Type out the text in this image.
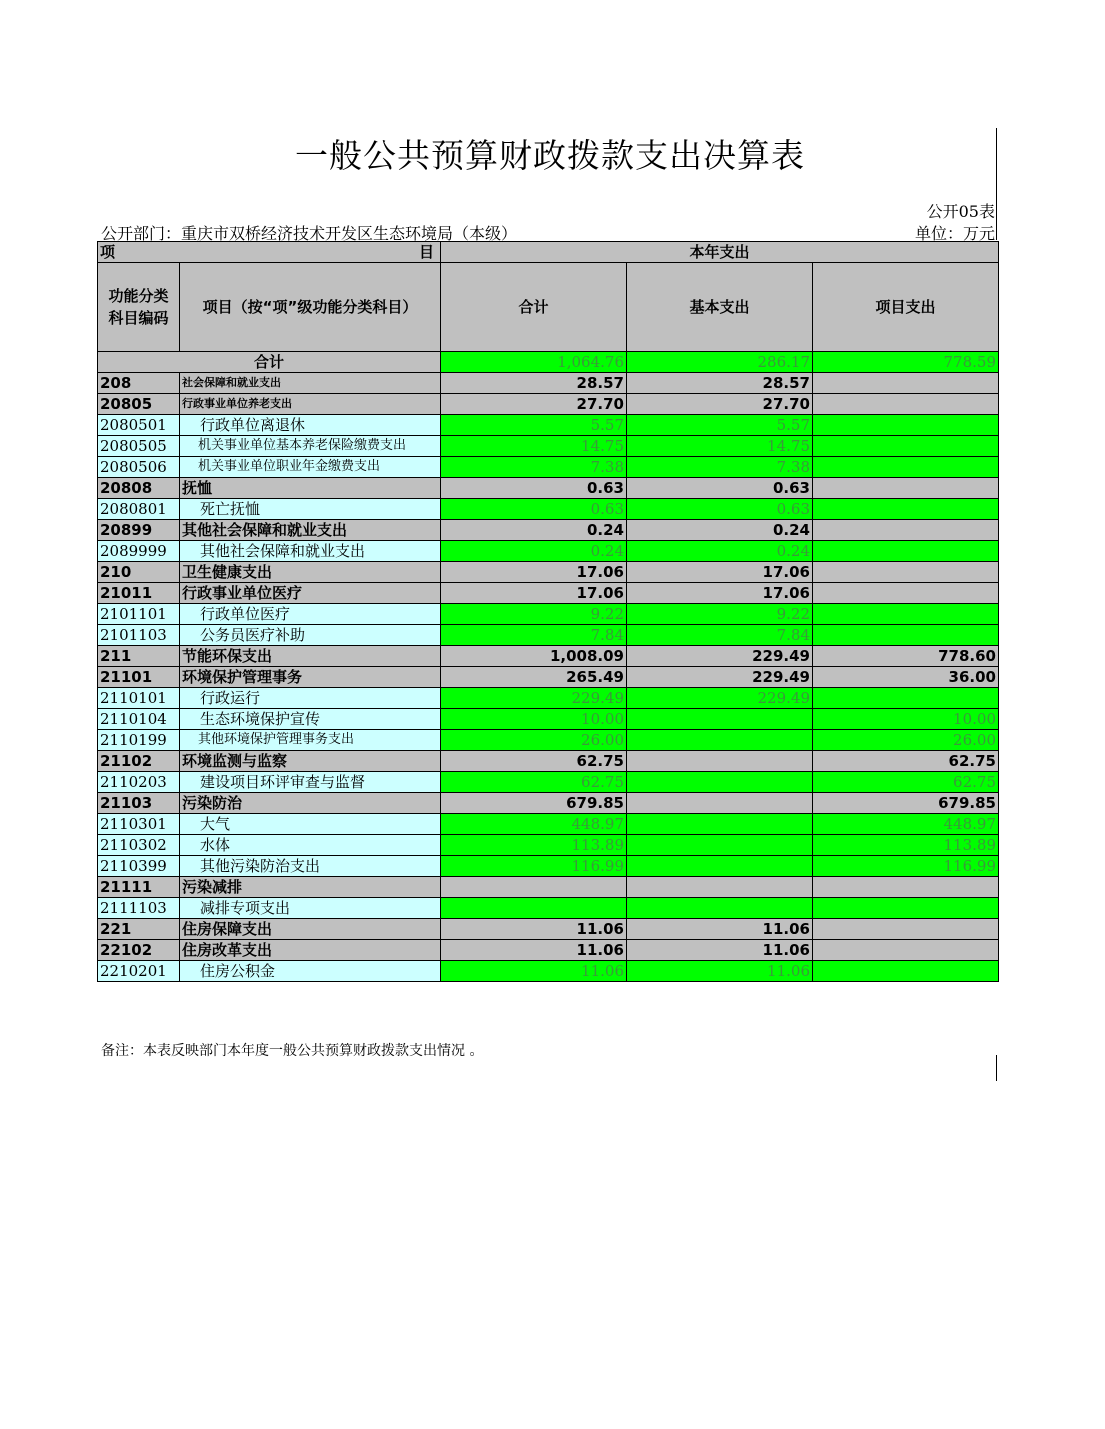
一般公共预算财政拨款支出决算表
公开05表
公开部门：重庆市双桥经济技术开发区生态环境局（本级）	单位：万元
项 目		本年支出		
功能分类科目编码	项目（按“项”级功能分类科目）	合计	基本支出	项目支出
合计		1,064.76	286.17	778.59
208	社会保障和就业支出	28.57	28.57	
20805	行政事业单位养老支出	27.70	27.70	
2080501	行政单位离退休	5.57	5.57	
2080505	机关事业单位基本养老保险缴费支出	14.75	14.75	
2080506	机关事业单位职业年金缴费支出	7.38	7.38	
20808	抚恤	0.63	0.63	
2080801	死亡抚恤	0.63	0.63	
20899	其他社会保障和就业支出	0.24	0.24	
2089999	其他社会保障和就业支出	0.24	0.24	
210	卫生健康支出	17.06	17.06	
21011	行政事业单位医疗	17.06	17.06	
2101101	行政单位医疗	9.22	9.22	
2101103	公务员医疗补助	7.84	7.84	
211	节能环保支出	1,008.09	229.49	778.60
21101	环境保护管理事务	265.49	229.49	36.00
2110101	行政运行	229.49	229.49	
2110104	生态环境保护宣传	10.00		10.00
2110199	其他环境保护管理事务支出	26.00		26.00
21102	环境监测与监察	62.75		62.75
2110203	建设项目环评审查与监督	62.75		62.75
21103	污染防治	679.85		679.85
2110301	大气	448.97		448.97
2110302	水体	113.89		113.89
2110399	其他污染防治支出	116.99		116.99
21111	污染减排			
2111103	减排专项支出			
221	住房保障支出	11.06	11.06	
22102	住房改革支出	11.06	11.06	
2210201	住房公积金	11.06	11.06	
备注：本表反映部门本年度一般公共预算财政拨款支出情况 。
